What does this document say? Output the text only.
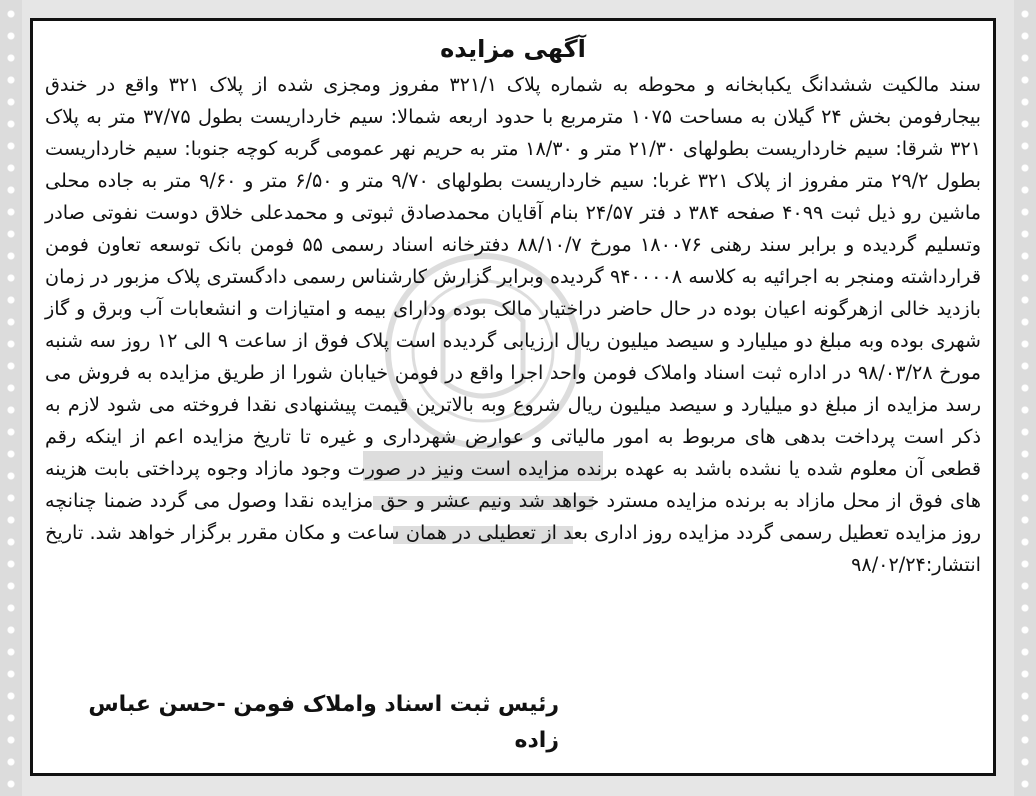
آگهی مزایده

سند مالکیت ششدانگ یکبابخانه و محوطه به شماره پلاک ۳۲۱/۱ مفروز ومجزی شده از پلاک ۳۲۱ واقع در خندق بیجارفومن بخش ۲۴ گیلان به مساحت ۱۰۷۵ مترمربع با حدود اربعه شمالا: سیم خارداریست بطول ۳۷/۷۵ متر به پلاک ۳۲۱ شرقا: سیم خارداریست بطولهای ۲۱/۳۰ متر و ۱۸/۳۰ متر به حریم نهر عمومی گربه کوچه جنوبا: سیم خارداریست بطول ۲۹/۲ متر مفروز از پلاک ۳۲۱ غربا: سیم خارداریست بطولهای ۹/۷۰ متر و ۶/۵۰ متر و ۹/۶۰ متر به جاده محلی ماشین رو ذیل ثبت ۴۰۹۹ صفحه ۳۸۴ د فتر ۲۴/۵۷ بنام آقایان محمدصادق ثبوتی و محمدعلی خلاق دوست نفوتی صادر وتسلیم گردیده و برابر سند رهنی ۱۸۰۰۷۶ مورخ ۸۸/۱۰/۷ دفترخانه اسناد رسمی ۵۵ فومن بانک توسعه تعاون فومن قرارداشته ومنجر به اجرائیه به کلاسه ۹۴۰۰۰۰۸ گردیده وبرابر گزارش کارشناس رسمی دادگستری پلاک مزبور در زمان بازدید خالی ازهرگونه اعیان بوده در حال حاضر دراختیار مالک بوده ودارای بیمه و امتیازات و انشعابات آب وبرق و گاز شهری بوده وبه مبلغ دو میلیارد و سیصد میلیون ریال ارزیابی گردیده است پلاک فوق از ساعت ۹ الی ۱۲ روز سه شنبه مورخ ۹۸/۰۳/۲۸ در اداره ثبت اسناد واملاک فومن واحد اجرا واقع در فومن خیابان شورا از طریق مزایده به فروش می رسد مزایده از مبلغ دو میلیارد و سیصد میلیون ریال شروع وبه بالاترین قیمت پیشنهادی نقدا فروخته می شود لازم به ذکر است پرداخت بدهی های مربوط به امور مالیاتی و عوارض شهرداری و غیره تا تاریخ مزایده اعم از اینکه رقم قطعی آن معلوم شده یا نشده باشد به عهده برنده مزایده است ونیز در صورت وجود مازاد وجوه پرداختی بابت هزینه های فوق از محل مازاد به برنده مزایده مسترد خواهد شد ونیم عشر و حق مزایده نقدا وصول می گردد ضمنا چنانچه روز مزایده تعطیل رسمی گردد مزایده روز اداری بعد از تعطیلی در همان ساعت و مکان مقرر برگزار خواهد شد. تاریخ انتشار:۹۸/۰۲/۲۴

رئیس ثبت اسناد واملاک فومن -حسن عباس زاده
